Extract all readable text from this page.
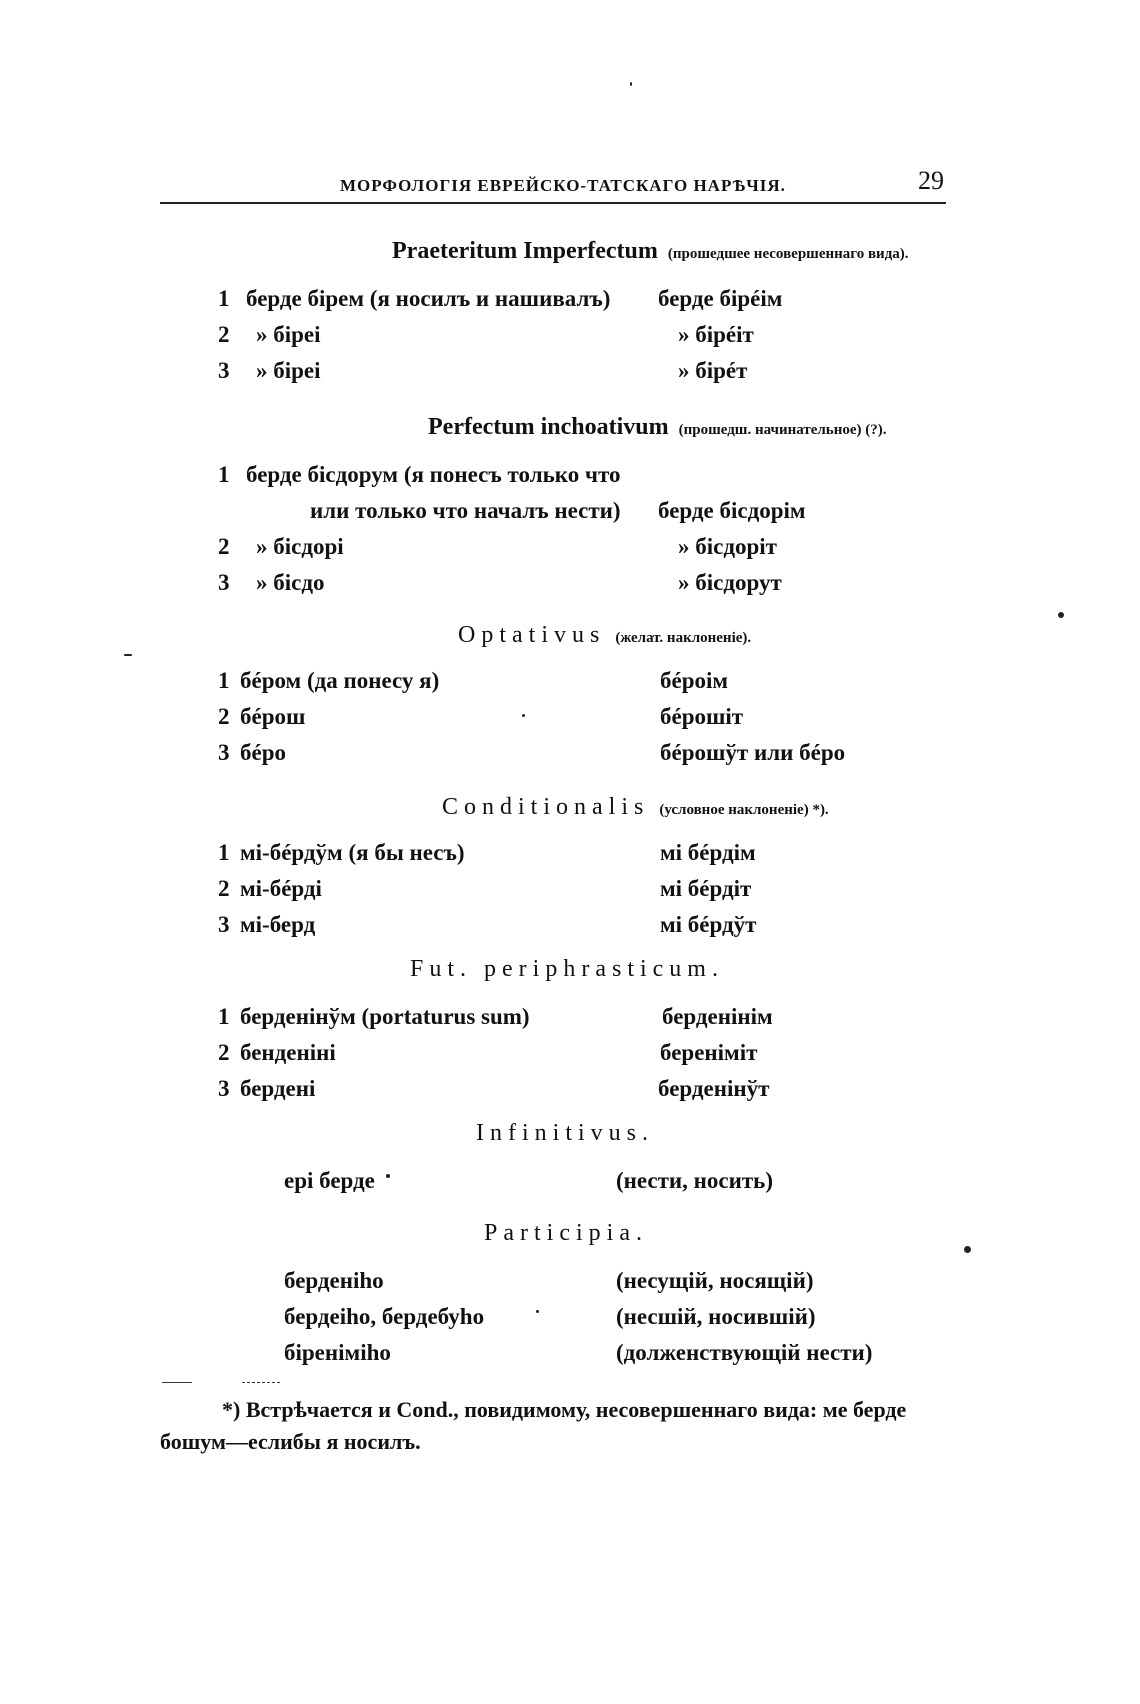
МОРФОЛОГІЯ ЕВРЕЙСКО-ТАТСКАГО НАРѢЧІЯ.	29
Praeteritum Imperfectum (прошедшее несовершеннаго вида).
1 берде бірем (я носилъ и нашивалъ) берде бірéім
2 » бірei	» бірéiт
3 » бірei	» бірéт
Perfectum inchoativum (прошедш. начинательное) (?).
1 берде бісдорум (я понесъ только что
или только что началъ нести) берде бісдорім
2 » бісдорі	» бісдоріт
3 » бісдо	» бісдорут
Optativus (желат. наклоненіе).
1 бéром (да понесу я)	бéроім
2 бéрош	бéрошіт
3 бéро	бéрошўт или бéро
Conditionalis (условное наклоненіе) *).
1 мі-бéрдўм (я бы несъ)	мі бéрдім
2 мі-бéрді	мі бéрдіт
3 мі-берд	мі бéрдўт
Fut. periphrasticum.
1 берденінўм (portaturus sum)	берденінім
2 бенденіні	береніміт
3 бердені	берденінўт
Infinitivus.
ері берде	(нести, носить)
Participia.
берденіho	(несущій, носящій)
бердеіho, бердебуho	(несшій, носившій)
біреніміho	(долженствующій нести)
*) Встрѣчается и Cond., повидимому, несовершеннаго вида: ме берде бошум—еслибы я носилъ.
